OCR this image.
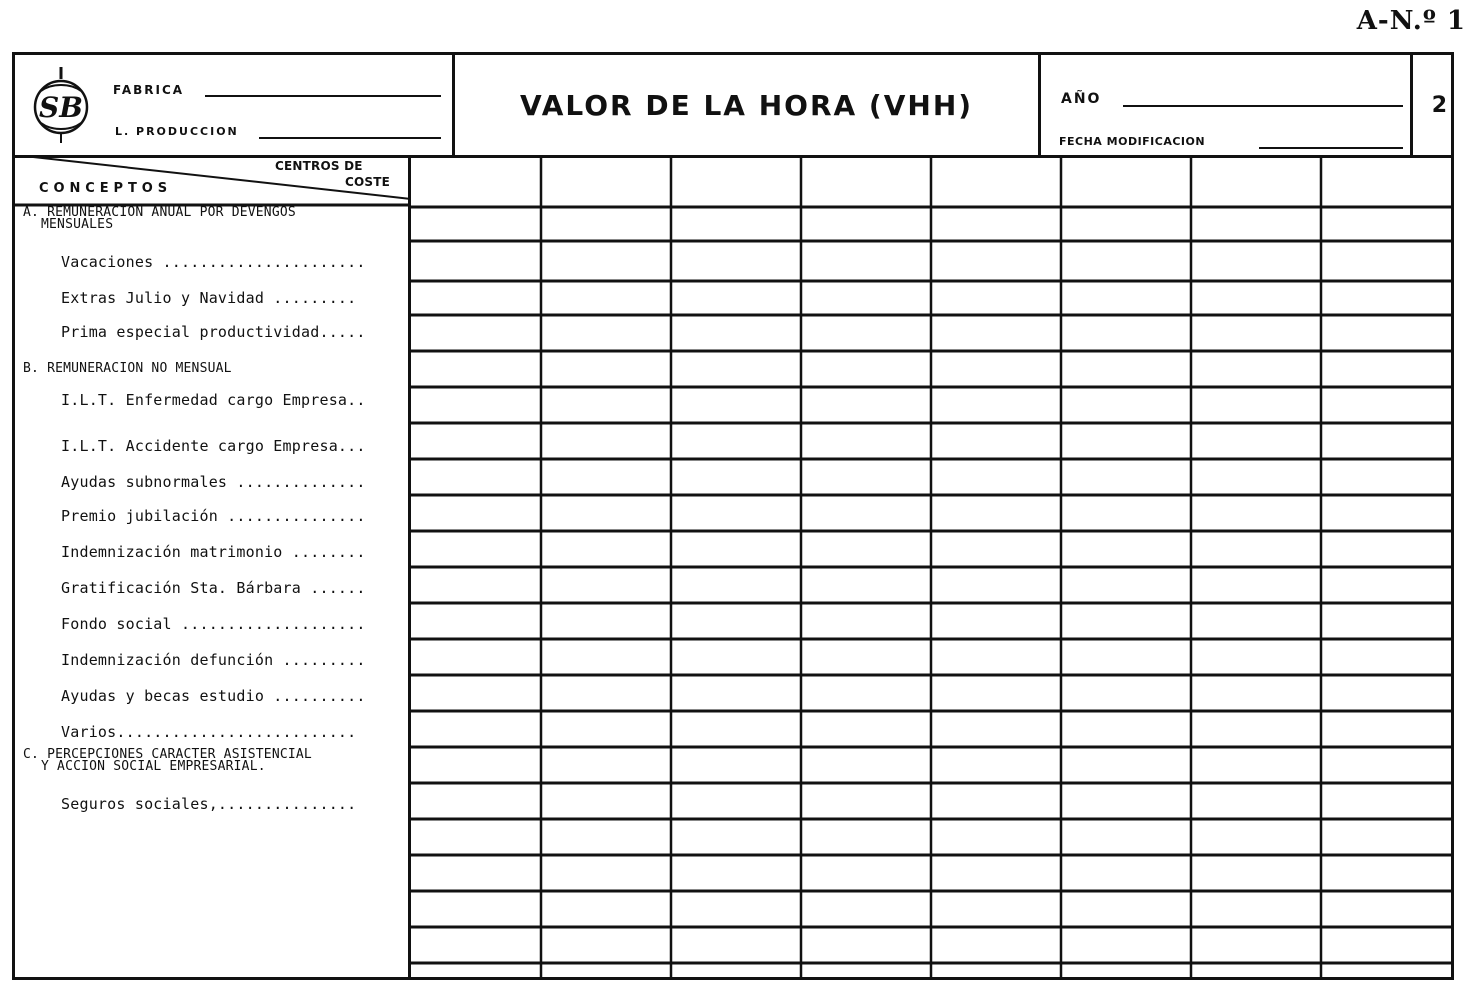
A-N.º 1
SB
FABRICA
L. PRODUCCION
VALOR DE LA HORA (VHH)	AÑO
FECHA MODIFICACION
2
CENTROS DE
COSTE
C O N C E P T O S
A. REMUNERACION ANUAL POR DEVENGOS
MENSUALES
Vacaciones ......................
Extras Julio y Navidad .........
Prima especial productividad.....
B. REMUNERACION NO MENSUAL
I.L.T. Enfermedad cargo Empresa..
I.L.T. Accidente cargo Empresa...
Ayudas subnormales ..............
Premio jubilación ...............
Indemnización matrimonio ........
Gratificación Sta. Bárbara ......
Fondo social ....................
Indemnización defunción .........
Ayudas y becas estudio ..........
Varios..........................
C. PERCEPCIONES CARACTER ASISTENCIAL
Y ACCION SOCIAL EMPRESARIAL.
Seguros sociales,...............
